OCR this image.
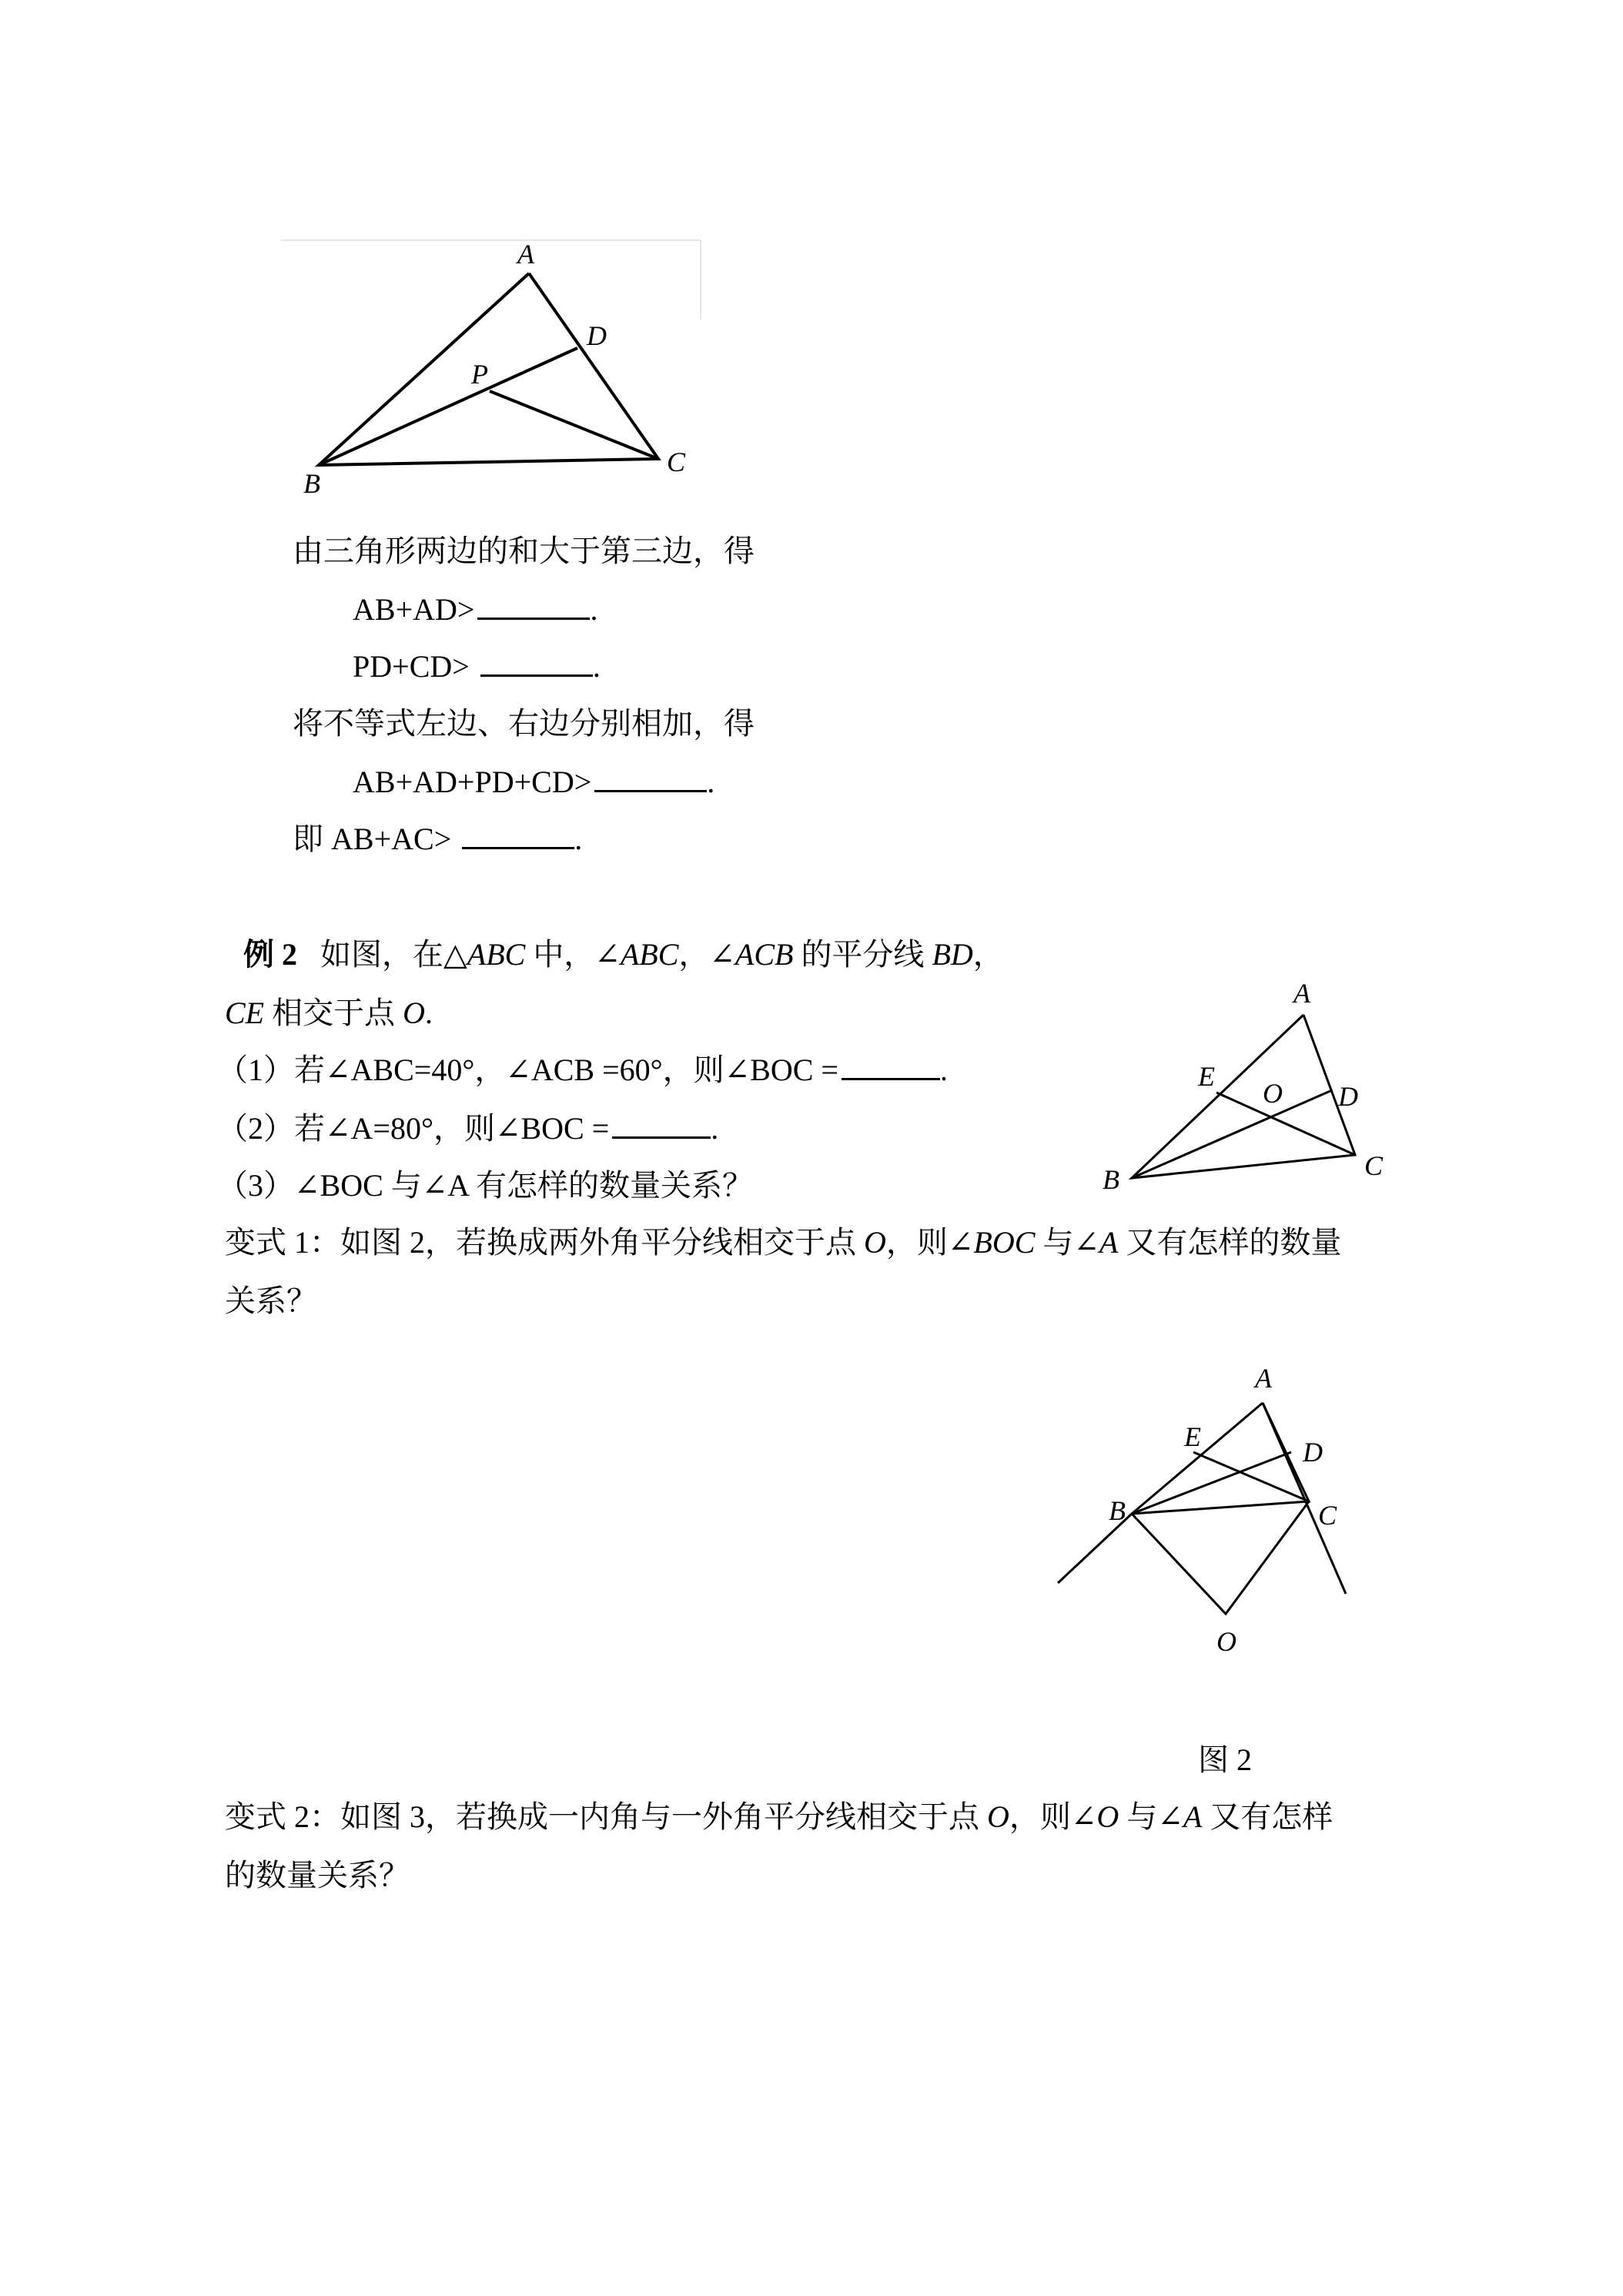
A
B
C
D
P
由三角形两边的和大于第三边，得
AB+AD>	.
PD+CD>	.
将不等式左边、右边分别相加，得
AB+AD+PD+CD>	.
即 AB+AC>	.
例 2 如图，在△ABC 中，∠ABC，∠ACB 的平分线 BD，
CE 相交于点 O.
（1）若∠ABC=40°，∠ACB =60°，则∠BOC =	.
（2）若∠A=80°，则∠BOC =	.
（3）∠BOC 与∠A 有怎样的数量关系？
A
E
O D
B	C
变式 1：如图 2，若换成两外角平分线相交于点 O，则∠BOC 与∠A 又有怎样的数量
关系？
A
E	D
B	C
O
图 2
变式 2：如图 3，若换成一内角与一外角平分线相交于点 O，则∠O 与∠A 又有怎样
的数量关系？
